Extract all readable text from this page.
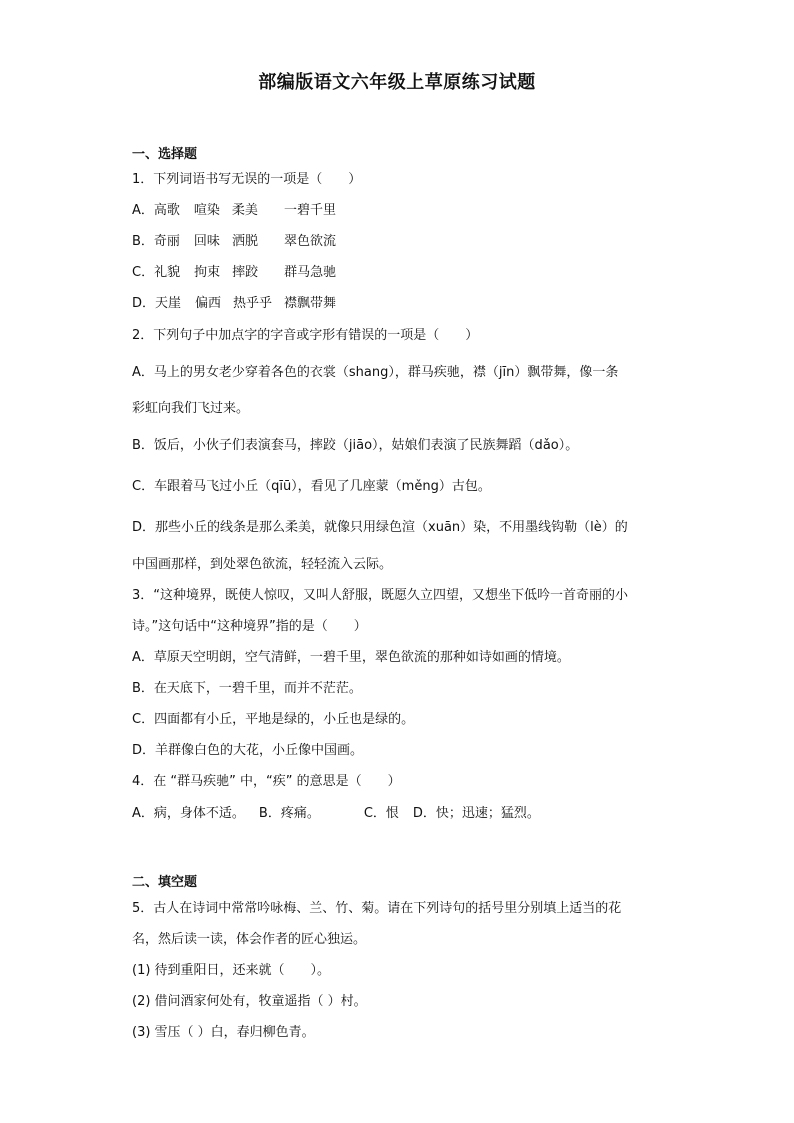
部编版语文六年级上草原练习试题
一、选择题
1．下列词语书写无误的一项是（　　）
A．高歌 喧染 柔美 一碧千里
B．奇丽 回味 洒脱 翠色欲流
C．礼貌 拘束 摔跤 群马急驰
D．天崖 偏西 热乎乎 襟飘带舞
2．下列句子中加点字的字音或字形有错误的一项是（　　）
A．马上的男女老少穿着各色的衣裳（shang），群马疾驰，襟（jīn）飘带舞，像一条
彩虹向我们飞过来。
B．饭后，小伙子们表演套马，摔跤（jiāo），姑娘们表演了民族舞蹈（dǎo）。
C．车跟着马飞过小丘（qīū），看见了几座蒙（měng）古包。
D．那些小丘的线条是那么柔美，就像只用绿色渲（xuān）染，不用墨线钩勒（lè）的
中国画那样，到处翠色欲流，轻轻流入云际。
3．“这种境界，既使人惊叹，又叫人舒服，既愿久立四望，又想坐下低吟一首奇丽的小
诗。”这句话中“这种境界”指的是（　　）
A．草原天空明朗，空气清鲜，一碧千里，翠色欲流的那种如诗如画的情境。
B．在天底下，一碧千里，而并不茫茫。
C．四面都有小丘，平地是绿的，小丘也是绿的。
D．羊群像白色的大花，小丘像中国画。
4．在 “群马疾驰” 中，“疾” 的意思是（　　）
A．病，身体不适。 B．疼痛。	C．恨 D．快；迅速；猛烈。
二、填空题
5．古人在诗词中常常吟咏梅、兰、竹、菊。请在下列诗句的括号里分别填上适当的花
名，然后读一读，体会作者的匠心独运。
(1) 待到重阳日，还来就（　　）。
(2) 借问酒家何处有，牧童遥指（ ）村。
(3) 雪压（ ）白，春归柳色青。
